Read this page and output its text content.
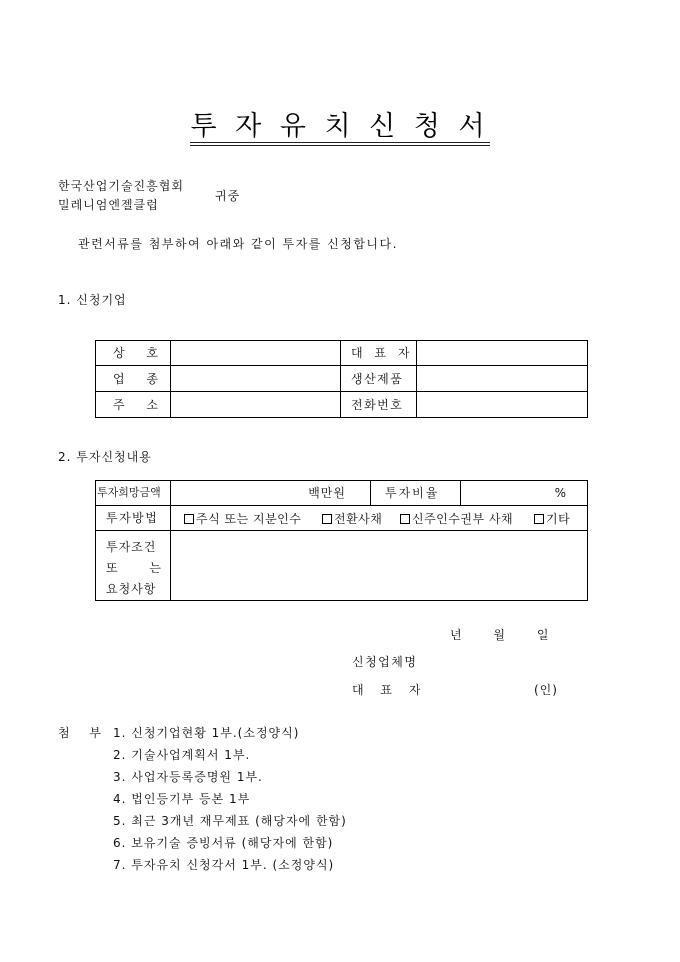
투 자 유 치 신 청 서
한국산업기술진흥협회
밀레니엄엔젤클럽
귀중
관련서류를 첨부하여 아래와 같이 투자를 신청합니다.
1. 신청기업
상 호		대 표 자	
업 종		생산제품	
주 소		전화번호	
2. 투자신청내용
투자희망금액	백만원	투자비율	%
투자방법	주식 또는 지분인수 전환사채 신주인수권부 사채 기타		

투자조건
또 는
요청사항			

년 월 일
신청업체명
대 표 자	(인)
첨 부 1. 신청기업현황 1부.(소정양식)
2. 기술사업계획서 1부.
3. 사업자등록증명원 1부.
4. 법인등기부 등본 1부
5. 최근 3개년 재무제표 (해당자에 한함)
6. 보유기술 증빙서류 (해당자에 한함)
7. 투자유치 신청각서 1부. (소정양식)
